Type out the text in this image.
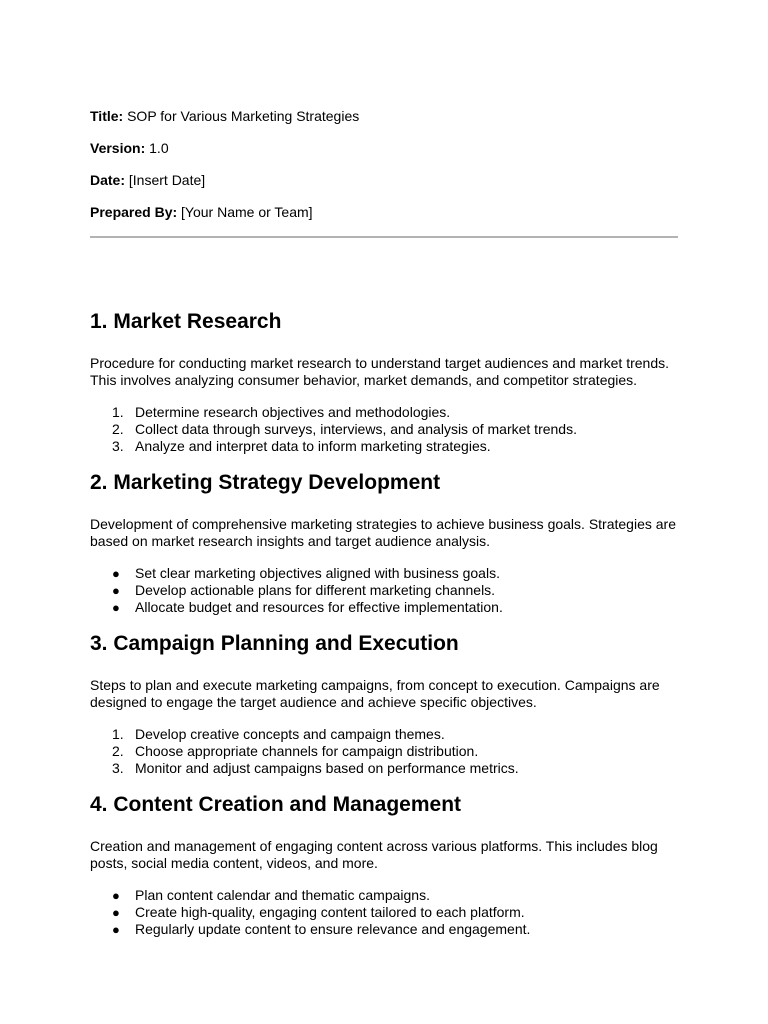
Title: SOP for Various Marketing Strategies
Version: 1.0
Date: [Insert Date]
Prepared By: [Your Name or Team]
1. Market Research

Procedure for conducting market research to understand target audiences and market trends.
This involves analyzing consumer behavior, market demands, and competitor strategies.

1. Determine research objectives and methodologies.
2. Collect data through surveys, interviews, and analysis of market trends.
3. Analyze and interpret data to inform marketing strategies.
2. Marketing Strategy Development

Development of comprehensive marketing strategies to achieve business goals. Strategies are
based on market research insights and target audience analysis.

●	Set clear marketing objectives aligned with business goals.
●	Develop actionable plans for different marketing channels.
●	Allocate budget and resources for effective implementation.
3. Campaign Planning and Execution

Steps to plan and execute marketing campaigns, from concept to execution. Campaigns are
designed to engage the target audience and achieve specific objectives.

1. Develop creative concepts and campaign themes.
2. Choose appropriate channels for campaign distribution.
3. Monitor and adjust campaigns based on performance metrics.
4. Content Creation and Management

Creation and management of engaging content across various platforms. This includes blog
posts, social media content, videos, and more.

●	Plan content calendar and thematic campaigns.
●	Create high-quality, engaging content tailored to each platform.
●	Regularly update content to ensure relevance and engagement.
